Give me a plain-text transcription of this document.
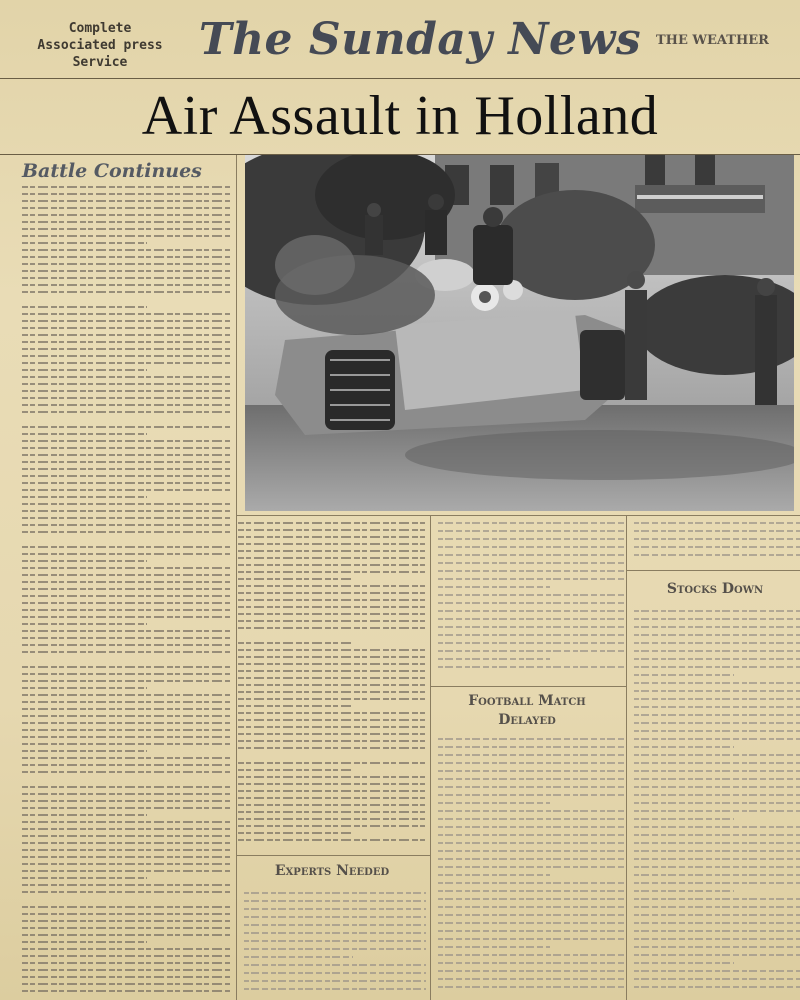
Complete
Associated press
Service	The Sunday News	THE WEATHER
Air Assault in Holland
Battle Continues
Experts Needed
Football Match
Delayed
Stocks Down
